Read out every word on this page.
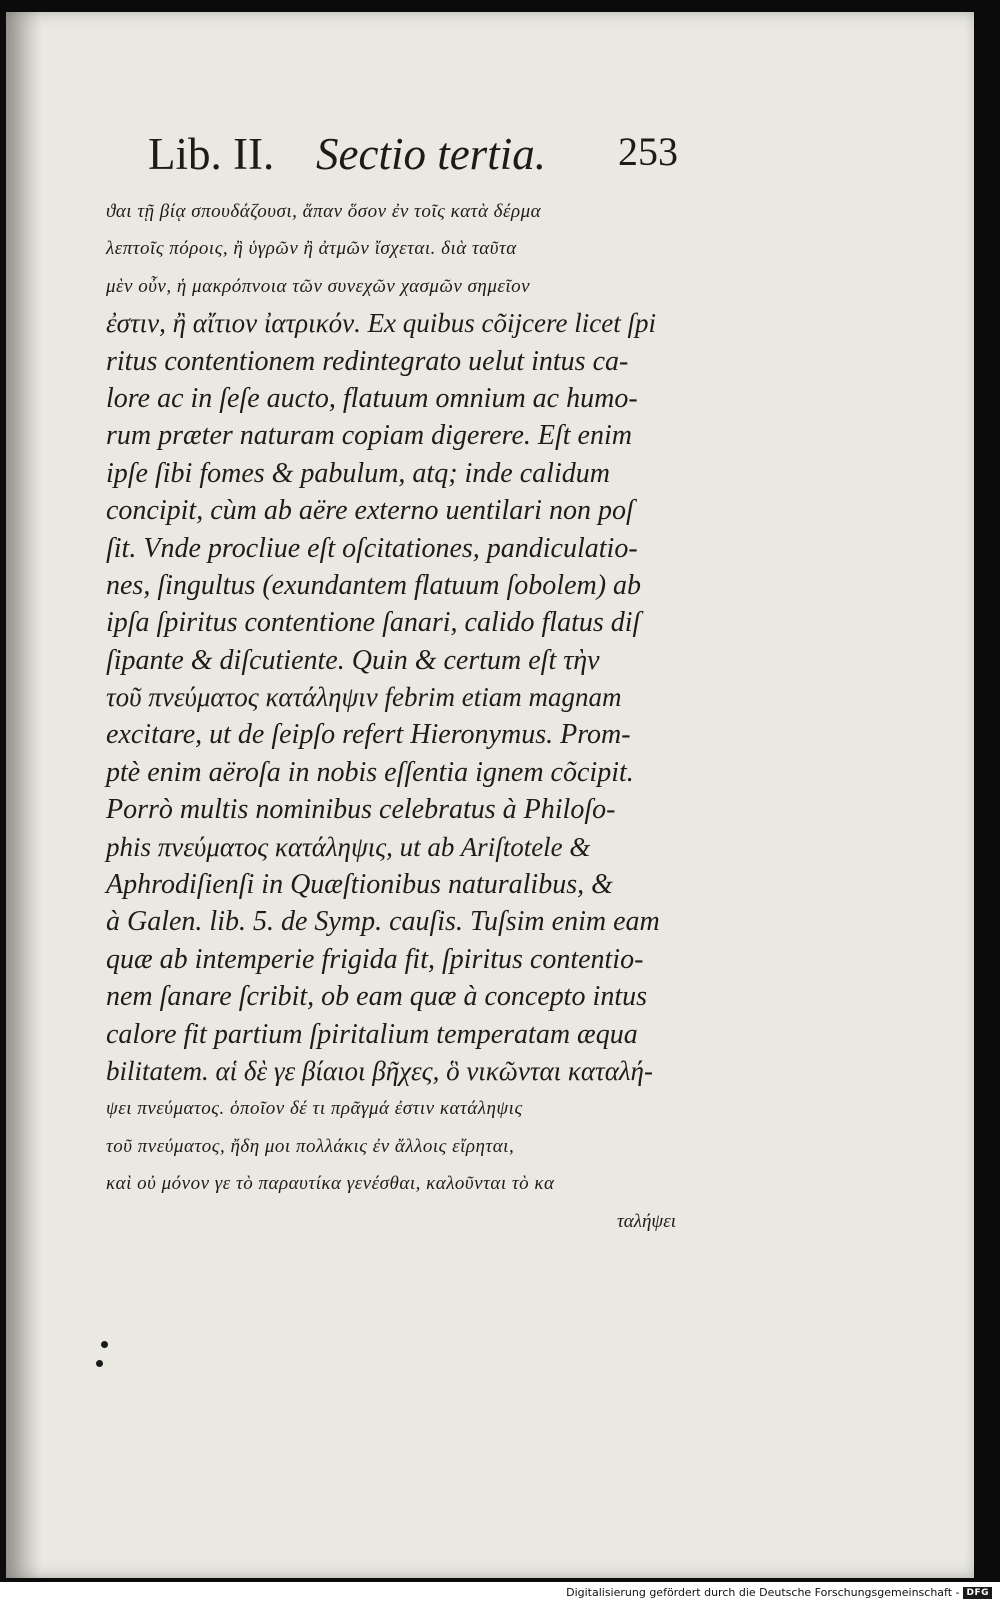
Lib. II. Sectio tertia. 253
ϑαι τῇ βίᾳ σπουδάζουσι, ἅπαν ὅσον ἐν τοῖς κατὰ δέρμα
λεπτοῖς πόροις, ἢ ὑγρῶν ἢ ἀτμῶν ἴσχεται. διὰ ταῦτα
μὲν οὖν, ἡ μακρόπνοια τῶν συνεχῶν χασμῶν σημεῖον
ἐστιν, ἢ αἴτιον ἰατρικόν. Ex quibus cõijcere licet ſpi
ritus contentionem redintegrato uelut intus ca-
lore ac in ſeſe aucto, flatuum omnium ac humo-
rum præter naturam copiam digerere. Eſt enim
ipſe ſibi fomes & pabulum, atq; inde calidum
concipit, cùm ab aëre externo uentilari non poſ
ſit. Vnde procliue eſt oſcitationes, pandiculatio-
nes, ſingultus (exundantem flatuum ſobolem) ab
ipſa ſpiritus contentione ſanari, calido flatus diſ
ſipante & diſcutiente. Quin & certum eſt τὴν
τοῦ πνεύματος κατάληψιν febrim etiam magnam
excitare, ut de ſeipſo refert Hieronymus. Prom-
ptè enim aëroſa in nobis eſſentia ignem cõcipit.
Porrò multis nominibus celebratus à Philoſo-
phis πνεύματος κατάληψις, ut ab Ariſtotele &
Aphrodiſienſi in Quæſtionibus naturalibus, &
à Galen. lib. 5. de Symp. cauſis. Tuſsim enim eam
quæ ab intemperie frigida fit, ſpiritus contentio-
nem ſanare ſcribit, ob eam quæ à concepto intus
calore fit partium ſpiritalium temperatam æqua
bilitatem. αἱ δὲ γε βίαιοι βῆχες, ὃ νικῶνται καταλή-
ψει πνεύματος. ὁποῖον δέ τι πρᾶγμά ἐστιν κατάληψις
τοῦ πνεύματος, ἤδη μοι πολλάκις ἐν ἄλλοις εἴρηται,
καὶ οὐ μόνον γε τὸ παραυτίκα γενέσθαι, καλοῦνται τὸ κα
ταλήψει
Digitalisierung gefördert durch die Deutsche Forschungsgemeinschaft - DFG
